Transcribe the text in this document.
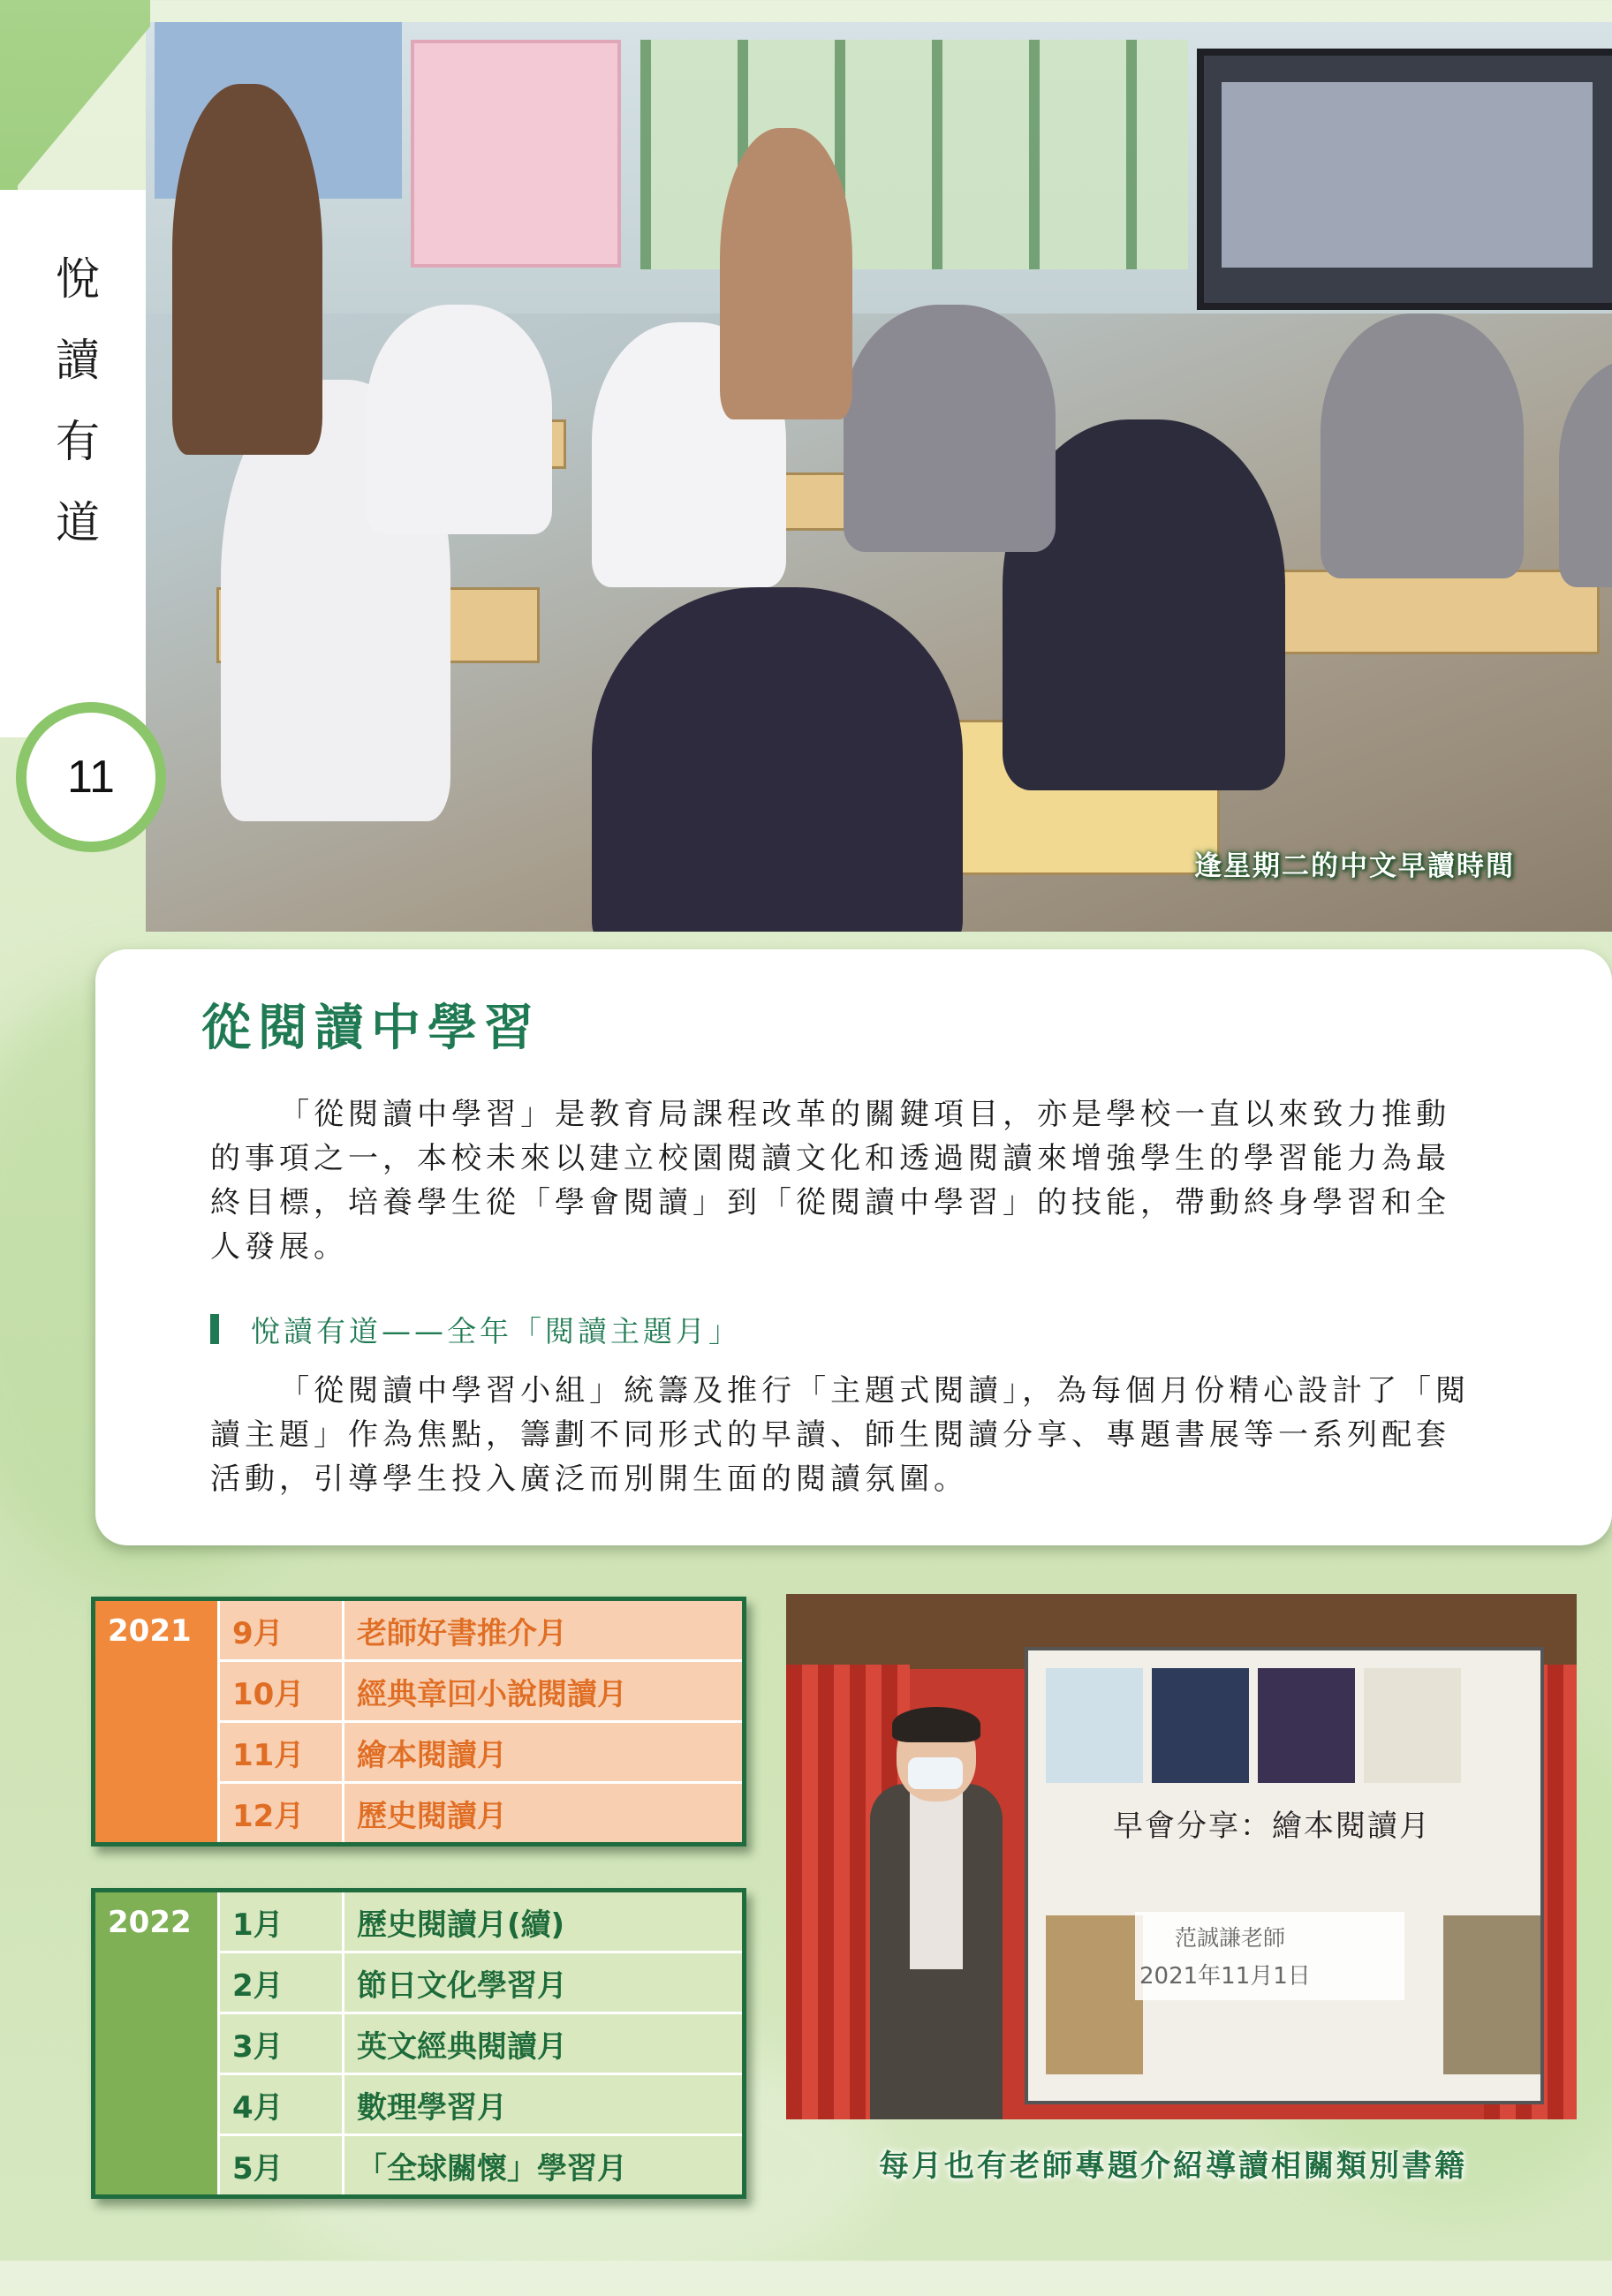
逢星期二的中文早讀時間
悅
讀
有
道
11
從閱讀中學習

「從閱讀中學習」是教育局課程改革的關鍵項目，亦是學校一直以來致力推動的事項之一，本校未來以建立校園閱讀文化和透過閱讀來增強學生的學習能力為最終目標，培養學生從「學會閱讀」到「從閱讀中學習」的技能，帶動終身學習和全人發展。

悅讀有道——全年「閱讀主題月」

「從閱讀中學習小組」統籌及推行「主題式閱讀」，為每個月份精心設計了「閱讀主題」作為焦點，籌劃不同形式的早讀、師生閱讀分享、專題書展等一系列配套活動，引導學生投入廣泛而別開生面的閱讀氛圍。

2021	9月	老師好書推介月
	10月	經典章回小說閱讀月
	11月	繪本閱讀月
	12月	歷史閱讀月
2022	1月	歷史閱讀月(續)
	2月	節日文化學習月
	3月	英文經典閱讀月
	4月	數理學習月
	5月	「全球關懷」學習月
早會分享：繪本閱讀月
范誠謙老師
2021年11月1日
每月也有老師專題介紹導讀相關類別書籍
